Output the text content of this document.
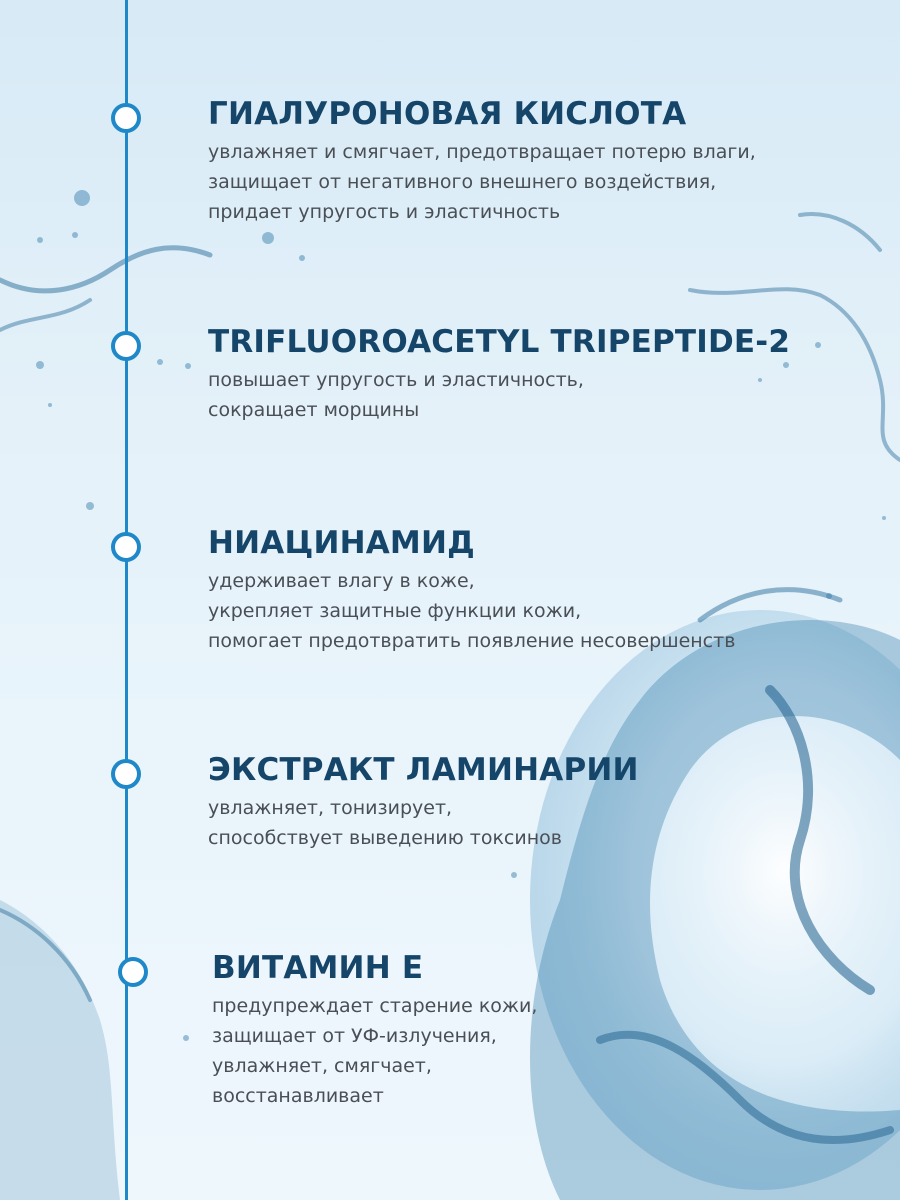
ГИАЛУРОНОВАЯ КИСЛОТА
увлажняет и смягчает, предотвращает потерю влаги,
защищает от негативного внешнего воздействия,
придает упругость и эластичность
TRIFLUOROACETYL TRIPEPTIDE-2
повышает упругость и эластичность,
сокращает морщины
НИАЦИНАМИД
удерживает влагу в коже,
укрепляет защитные функции кожи,
помогает предотвратить появление несовершенств
ЭКСТРАКТ ЛАМИНАРИИ
увлажняет, тонизирует,
способствует выведению токсинов
ВИТАМИН Е
предупреждает старение кожи,
защищает от УФ-излучения,
увлажняет, смягчает,
восстанавливает
